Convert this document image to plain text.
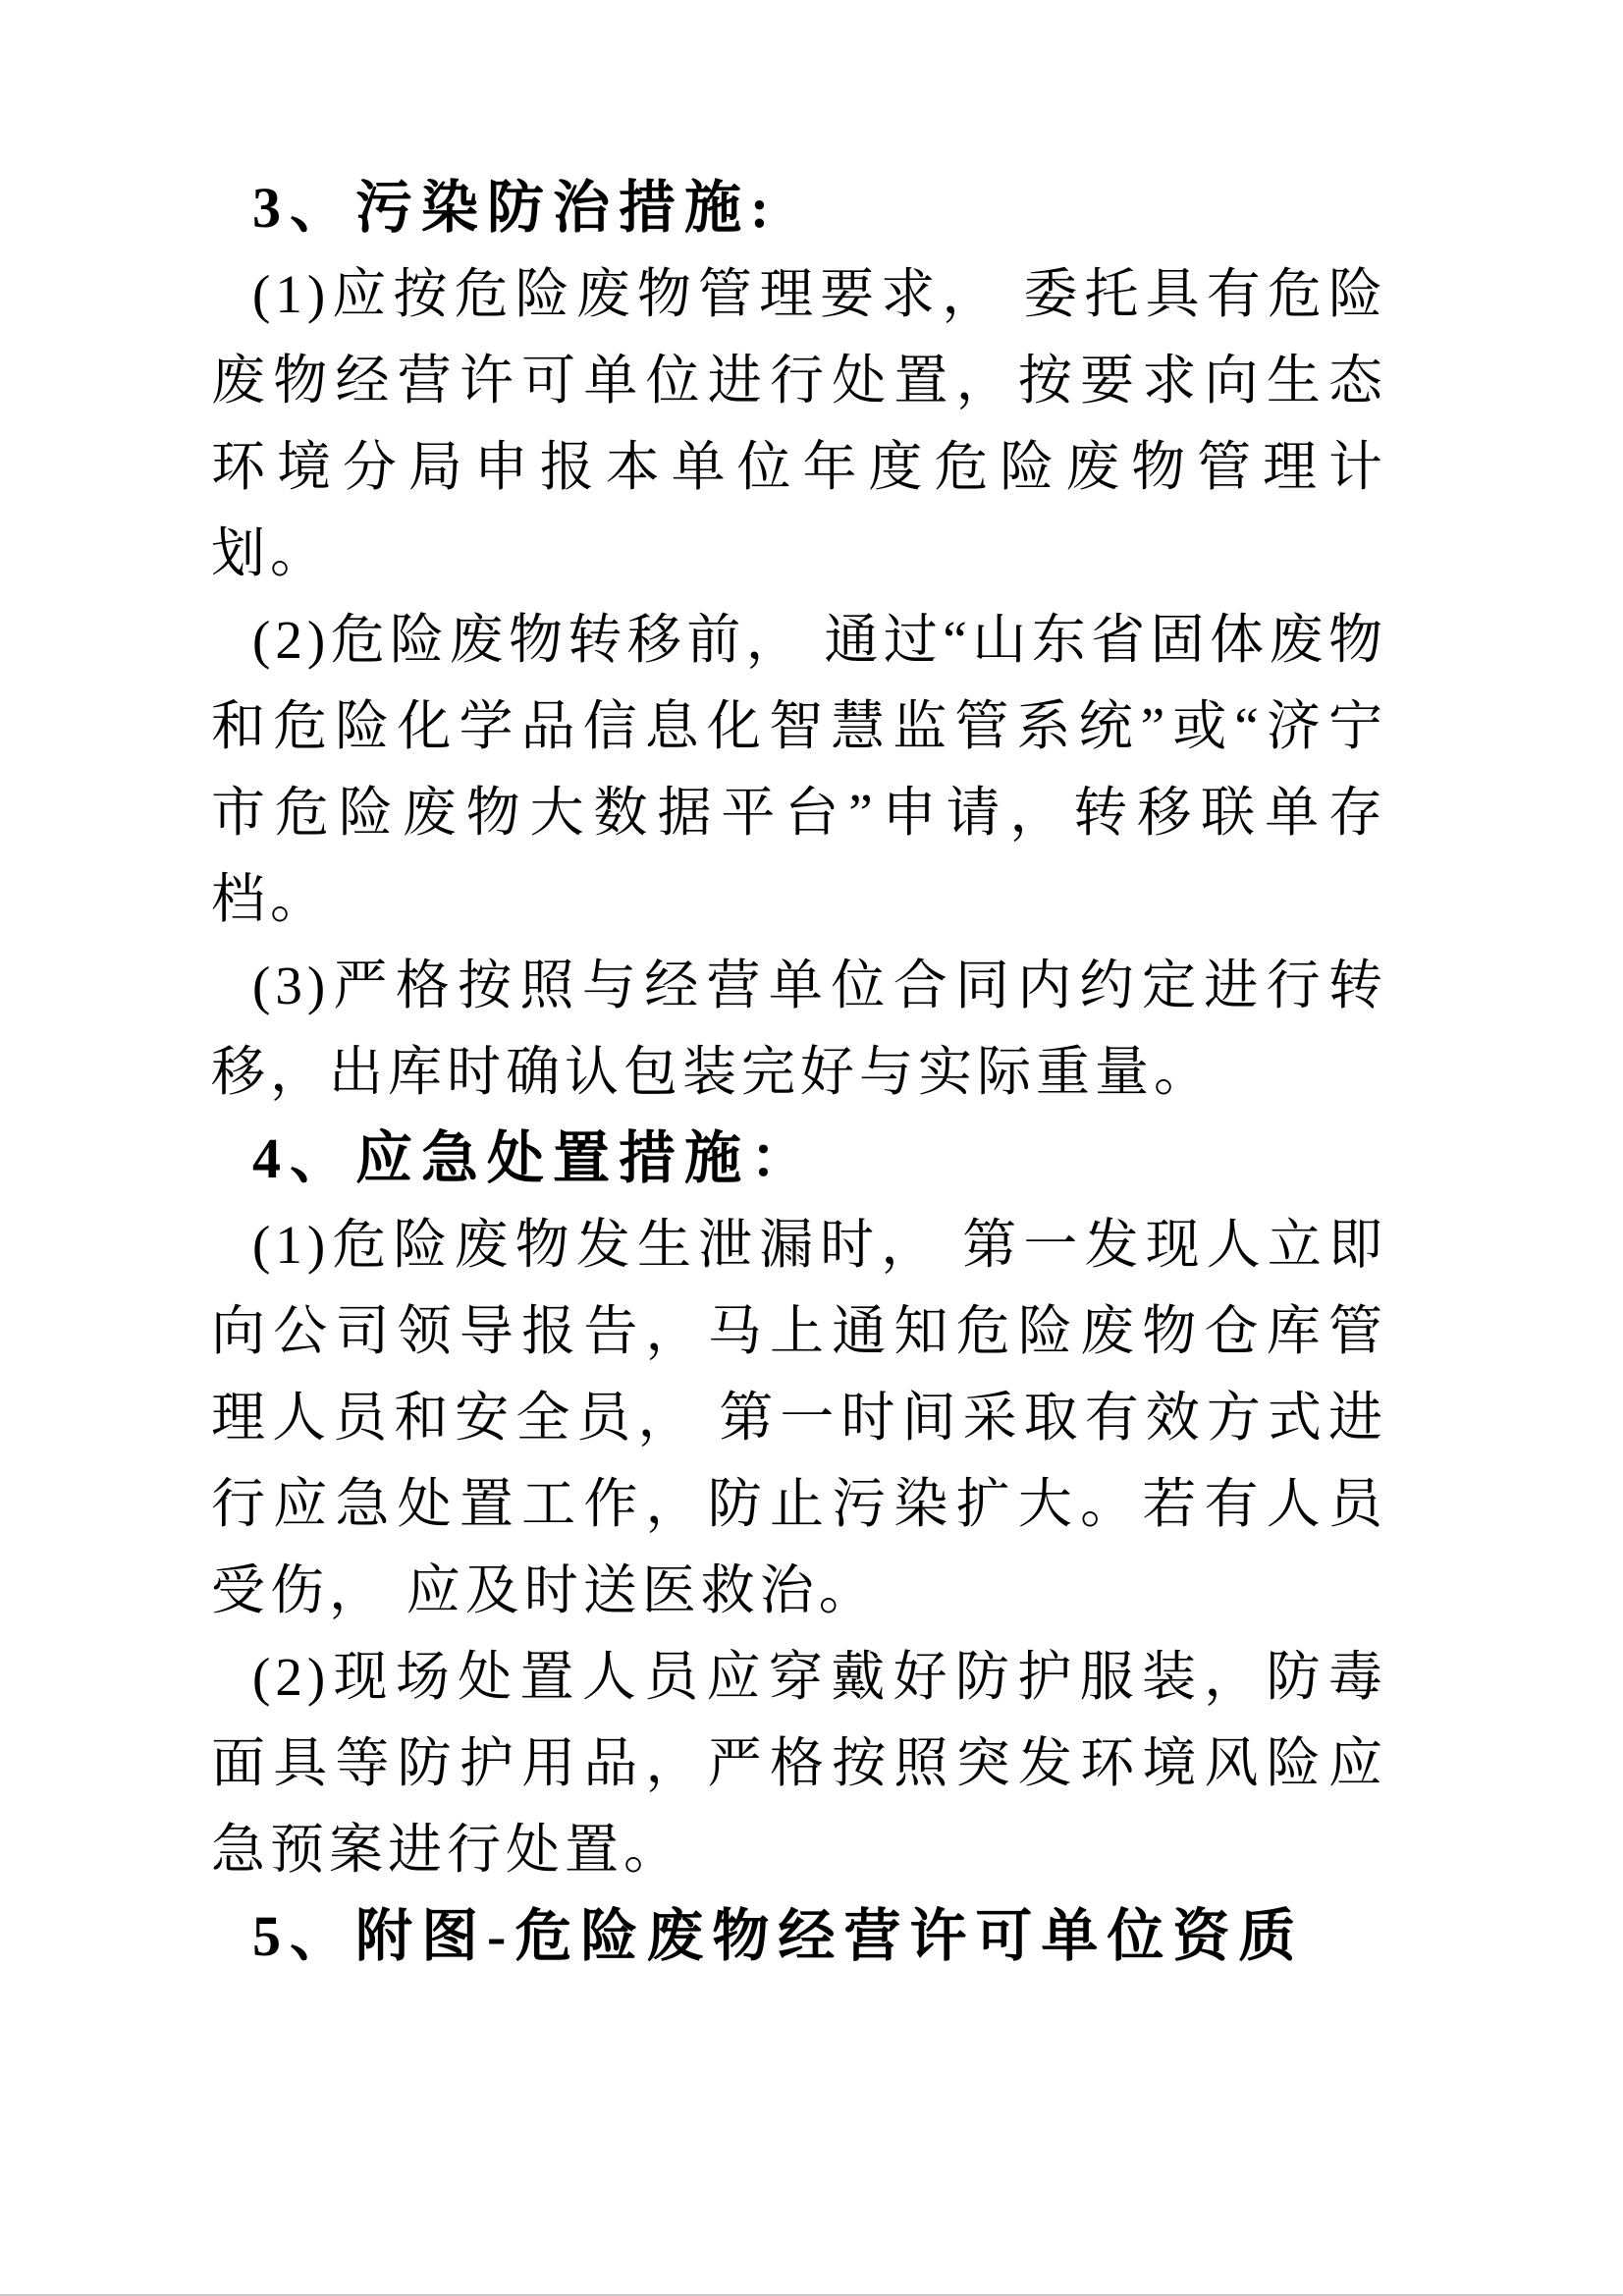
3、污染防治措施:

(1)应按危险废物管理要求， 委托具有危险废物经营许可单位进行处置，按要求向生态环境分局申报本单位年度危险废物管理计划。

(2)危险废物转移前， 通过“山东省固体废物和危险化学品信息化智慧监管系统”或“济宁市危险废物大数据平台”申请，转移联单存档。

(3)严格按照与经营单位合同内约定进行转移，出库时确认包装完好与实际重量。

4、应急处置措施：

(1)危险废物发生泄漏时， 第一发现人立即向公司领导报告，马上通知危险废物仓库管理人员和安全员， 第一时间采取有效方式进行应急处置工作，防止污染扩大。若有人员受伤， 应及时送医救治。

(2)现场处置人员应穿戴好防护服装，防毒面具等防护用品，严格按照突发环境风险应急预案进行处置。

5、附图-危险废物经营许可单位资质
